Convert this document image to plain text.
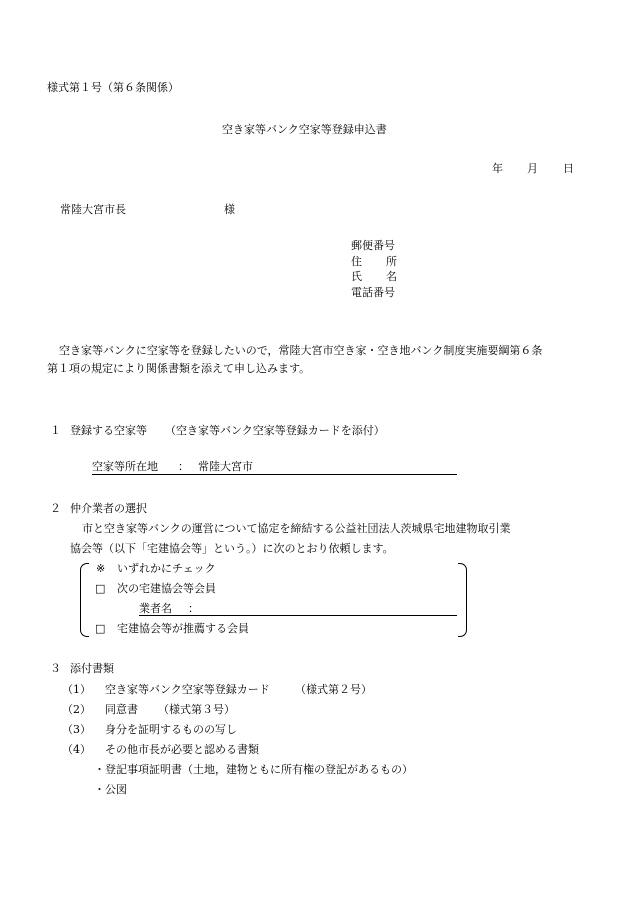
様式第１号（第６条関係）
空き家等バンク空家等登録申込書
年 月 日
常陸大宮市長	様
郵便番号
住 所
氏 名
電話番号
空き家等バンクに空家等を登録したいので，常陸大宮市空き家・空き地バンク制度実施要綱第６条
第１項の規定により関係書類を添えて申し込みます。
１ 登録する空家等 （空き家等バンク空家等登録カードを添付）
空家等所在地 ： 常陸大宮市
２ 仲介業者の選択
市と空き家等バンクの運営について協定を締結する公益社団法人茨城県宅地建物取引業
協会等（以下「宅建協会等」という。）に次のとおり依頼します。
※ いずれかにチェック
□ 次の宅建協会等会員
業者名 ：
□ 宅建協会等が推薦する会員
３ 添付書類
（1） 空き家等バンク空家等登録カード （様式第２号）
（2） 同意書 （様式第３号）
（3） 身分を証明するものの写し
（4） その他市長が必要と認める書類
・登記事項証明書（土地，建物ともに所有権の登記があるもの）
・公図
